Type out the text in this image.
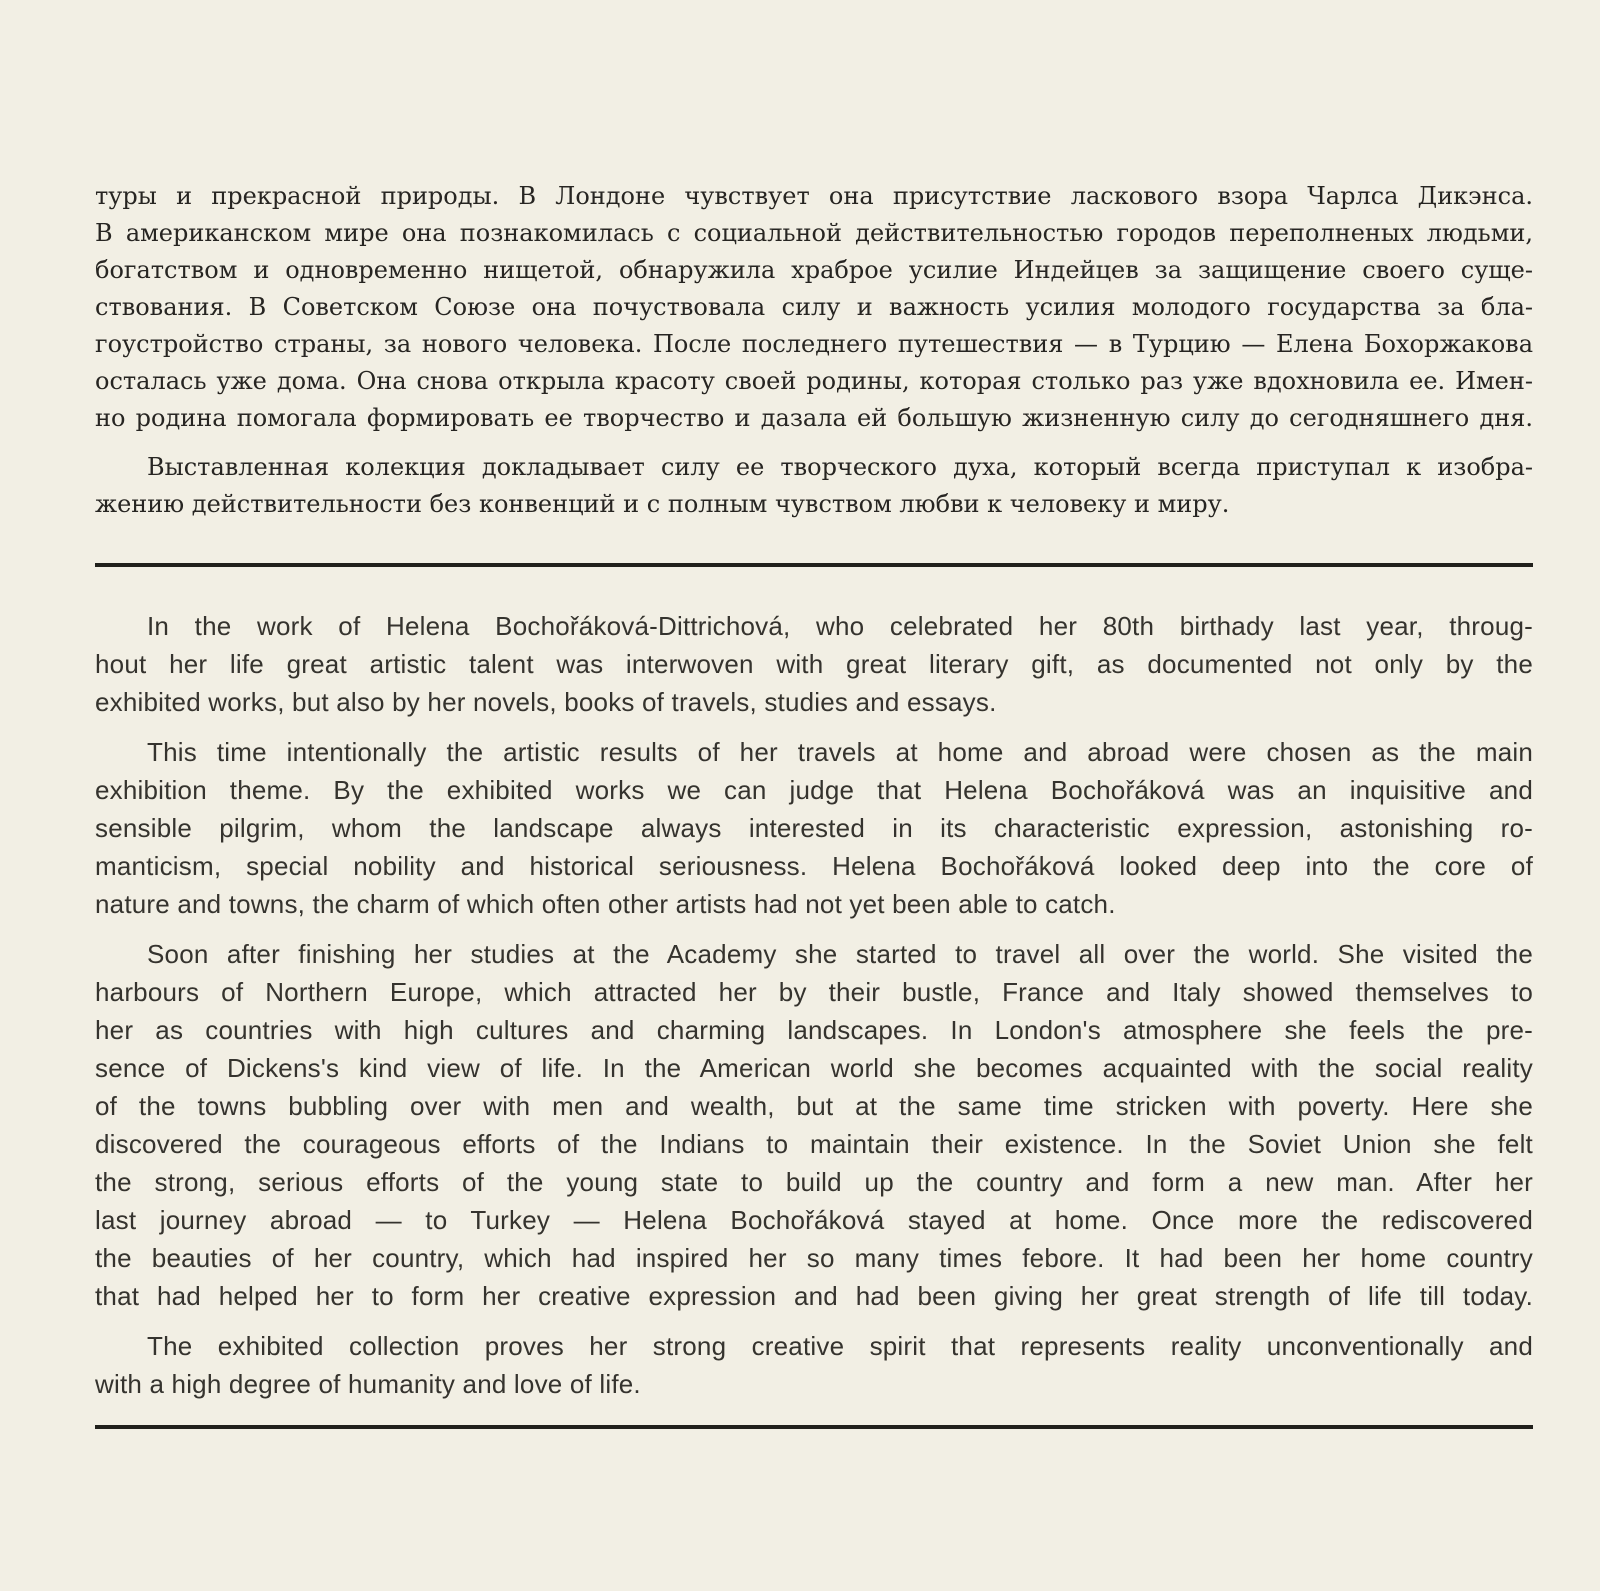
туры и прекрасной природы. В Лондоне чувствует она присутствие ласкового взора Чарлса Дикэнса.
В американском мире она познакомилась с социальной действительностью городов переполненых людьми,
богатством и одновременно нищетой, обнаружила храброе усилие Индейцев за защищение своего суще-
ствования. В Советском Союзе она почуствовала силу и важность усилия молодого государства за бла-
гоустройство страны, за нового человека. После последнего путешествия — в Турцию — Елена Бохоржакова
осталась уже дома. Она снова открыла красоту своей родины, которая столько раз уже вдохновила ее. Имен-
но родина помогала формировать ее творчество и дазала ей большую жизненную силу до сегодняшнего дня.
Выставленная колекция докладывает силу ее творческого духа, который всегда приступал к изобра-
жению действительности без конвенций и с полным чувством любви к человеку и миру.
In the work of Helena Bochořáková-Dittrichová, who celebrated her 80th birthady last year, throug-
hout her life great artistic talent was interwoven with great literary gift, as documented not only by the
exhibited works, but also by her novels, books of travels, studies and essays.
This time intentionally the artistic results of her travels at home and abroad were chosen as the main
exhibition theme. By the exhibited works we can judge that Helena Bochořáková was an inquisitive and
sensible pilgrim, whom the landscape always interested in its characteristic expression, astonishing ro-
manticism, special nobility and historical seriousness. Helena Bochořáková looked deep into the core of
nature and towns, the charm of which often other artists had not yet been able to catch.
Soon after finishing her studies at the Academy she started to travel all over the world. She visited the
harbours of Northern Europe, which attracted her by their bustle, France and Italy showed themselves to
her as countries with high cultures and charming landscapes. In London's atmosphere she feels the pre-
sence of Dickens's kind view of life. In the American world she becomes acquainted with the social reality
of the towns bubbling over with men and wealth, but at the same time stricken with poverty. Here she
discovered the courageous efforts of the Indians to maintain their existence. In the Soviet Union she felt
the strong, serious efforts of the young state to build up the country and form a new man. After her
last journey abroad — to Turkey — Helena Bochořáková stayed at home. Once more the rediscovered
the beauties of her country, which had inspired her so many times febore. It had been her home country
that had helped her to form her creative expression and had been giving her great strength of life till today.
The exhibited collection proves her strong creative spirit that represents reality unconventionally and
with a high degree of humanity and love of life.
